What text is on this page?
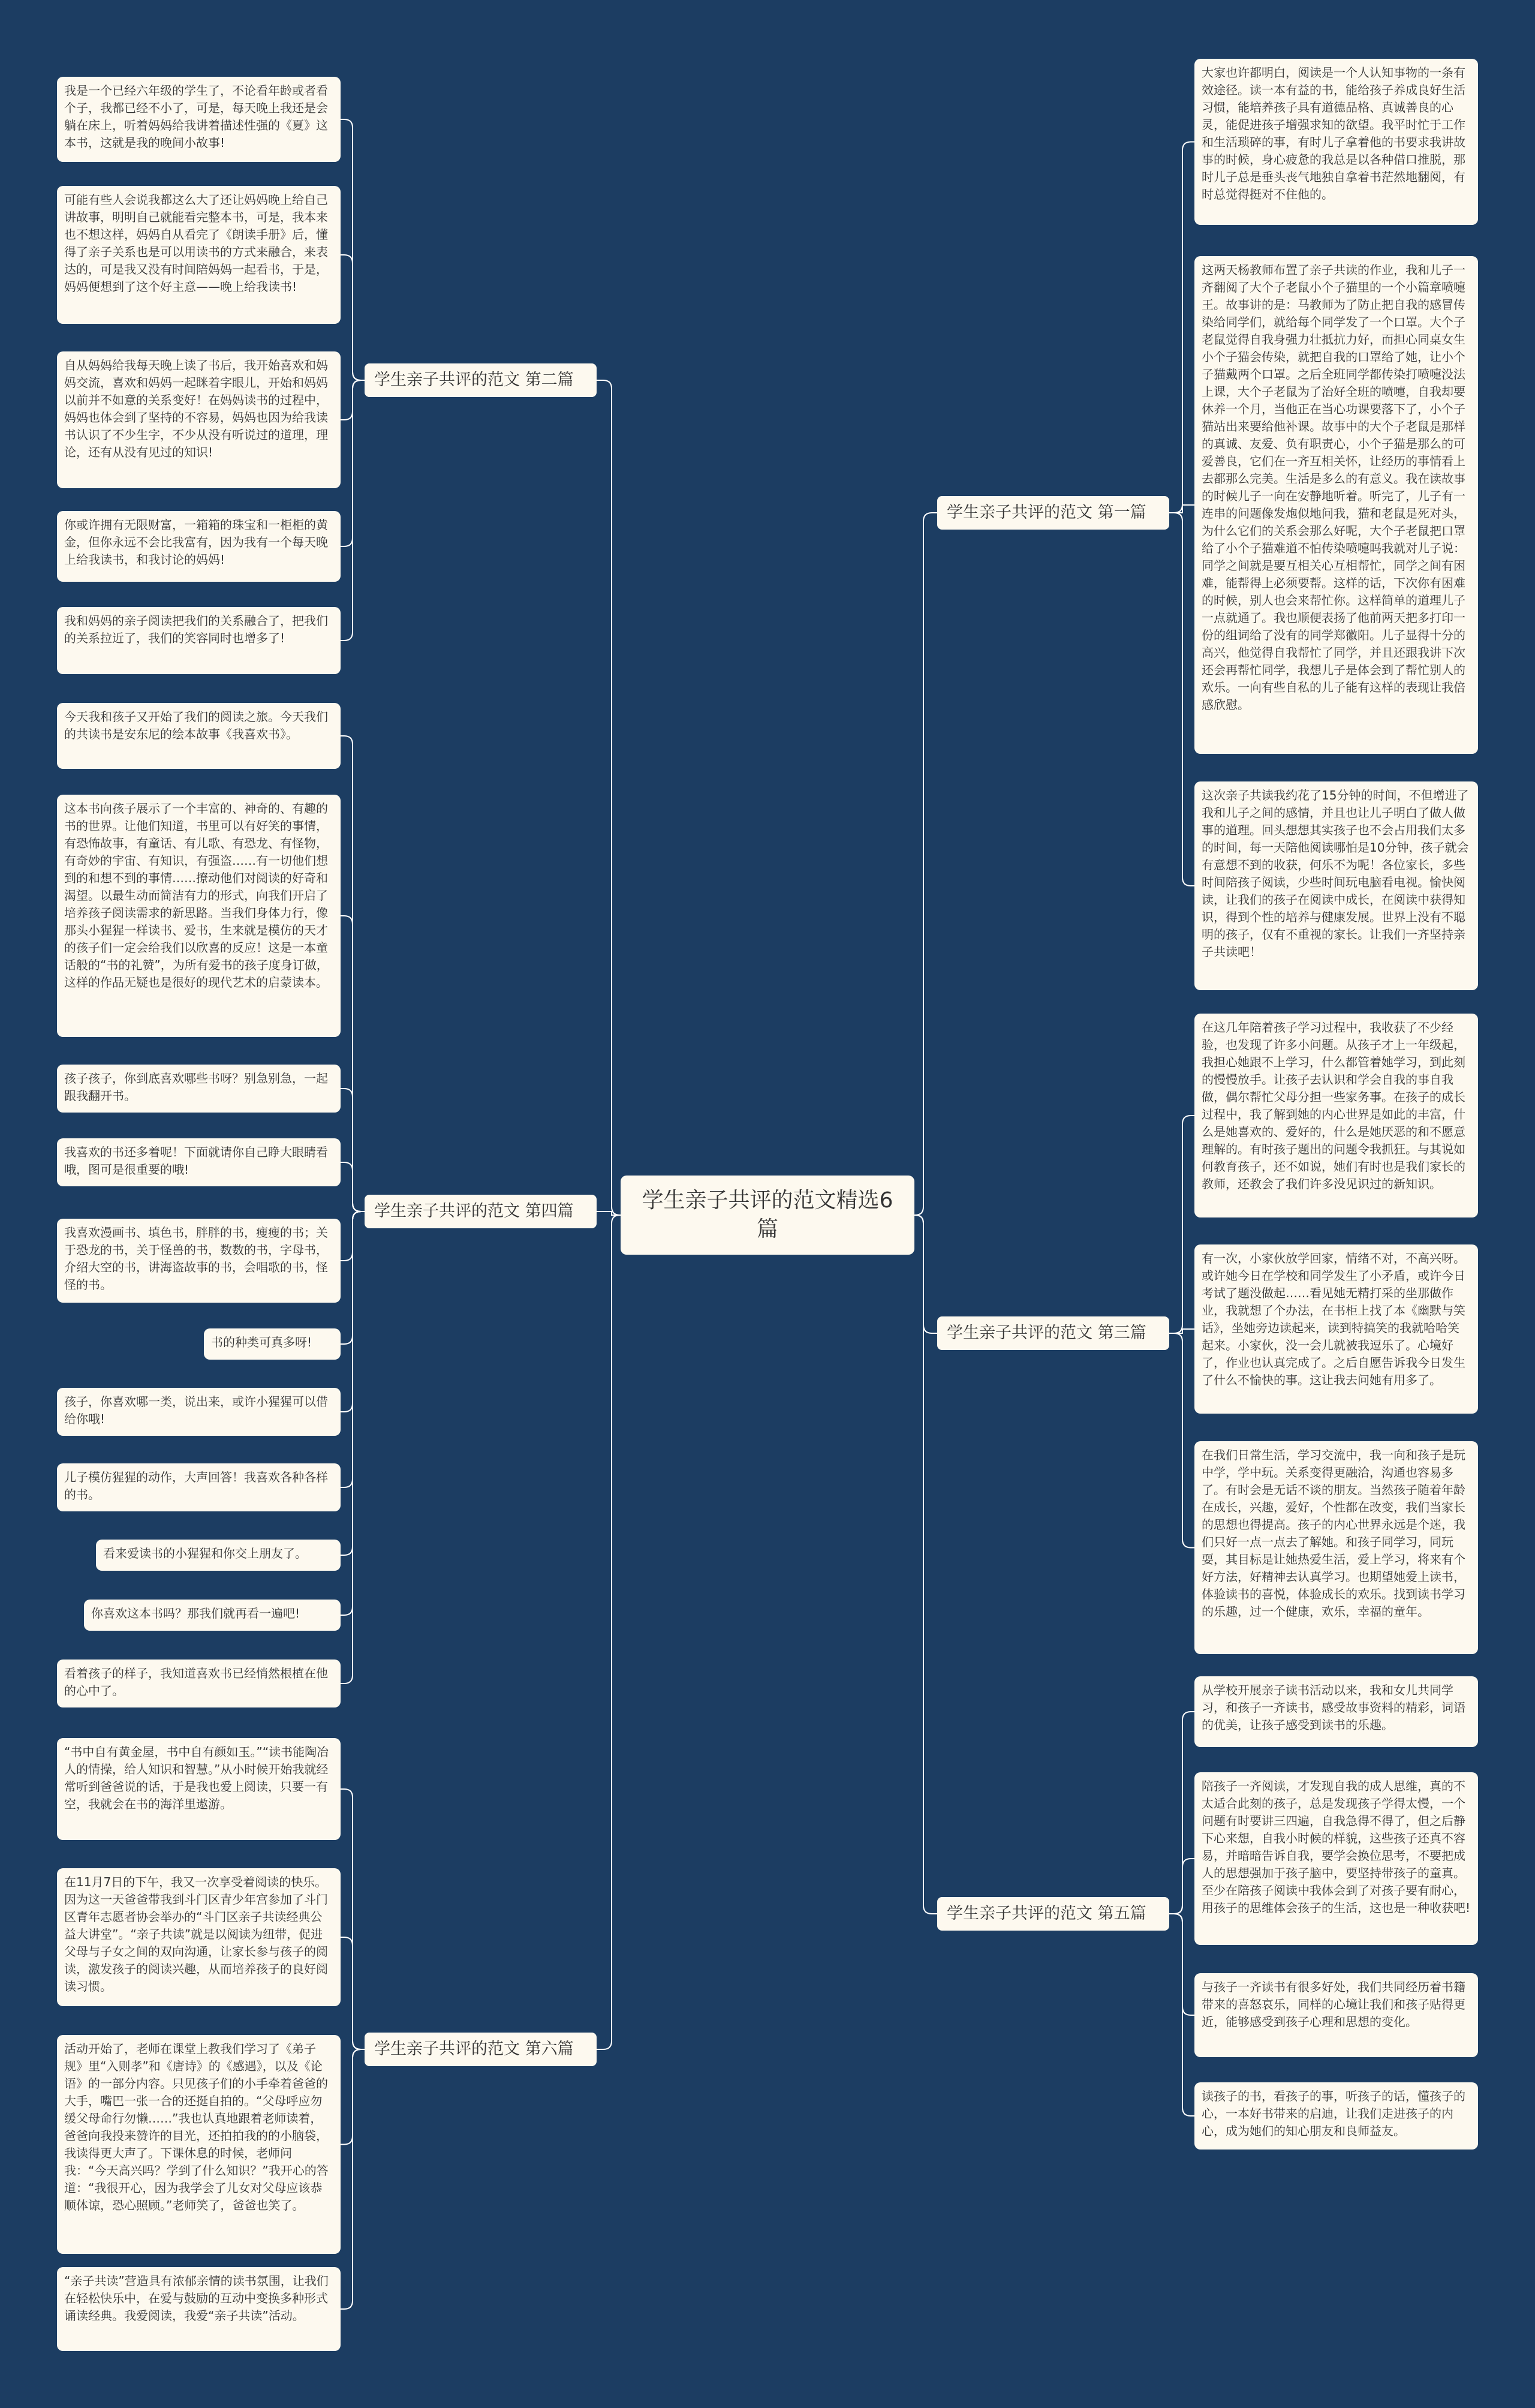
学生亲子共评的范文精选6篇
学生亲子共评的范文 第一篇
大家也许都明白，阅读是一个人认知事物的一条有效途径。读一本有益的书，能给孩子养成良好生活习惯，能培养孩子具有道德品格、真诚善良的心灵，能促进孩子增强求知的欲望。我平时忙于工作和生活琐碎的事，有时儿子拿着他的书要求我讲故事的时候，身心疲惫的我总是以各种借口推脱，那时儿子总是垂头丧气地独自拿着书茫然地翻阅，有时总觉得挺对不住他的。
这两天杨教师布置了亲子共读的作业，我和儿子一齐翻阅了大个子老鼠小个子猫里的一个小篇章喷嚏王。故事讲的是：马教师为了防止把自我的感冒传染给同学们，就给每个同学发了一个口罩。大个子老鼠觉得自我身强力壮抵抗力好，而担心同桌女生小个子猫会传染，就把自我的口罩给了她，让小个子猫戴两个口罩。之后全班同学都传染打喷嚏没法上课，大个子老鼠为了治好全班的喷嚏，自我却要休养一个月，当他正在当心功课要落下了，小个子猫站出来要给他补课。故事中的大个子老鼠是那样的真诚、友爱、负有职责心，小个子猫是那么的可爱善良，它们在一齐互相关怀，让经历的事情看上去都那么完美。生活是多么的有意义。我在读故事的时候儿子一向在安静地听着。听完了，儿子有一连串的问题像发炮似地问我，猫和老鼠是死对头，为什么它们的关系会那么好呢，大个子老鼠把口罩给了小个子猫难道不怕传染喷嚏吗我就对儿子说：同学之间就是要互相关心互相帮忙，同学之间有困难，能帮得上必须要帮。这样的话，下次你有困难的时候，别人也会来帮忙你。这样简单的道理儿子一点就通了。我也顺便表扬了他前两天把多打印一份的组词给了没有的同学郑徽阳。儿子显得十分的高兴，他觉得自我帮忙了同学，并且还跟我讲下次还会再帮忙同学，我想儿子是体会到了帮忙别人的欢乐。一向有些自私的儿子能有这样的表现让我倍感欣慰。
这次亲子共读我约花了15分钟的时间，不但增进了我和儿子之间的感情，并且也让儿子明白了做人做事的道理。回头想想其实孩子也不会占用我们太多的时间，每一天陪他阅读哪怕是10分钟，孩子就会有意想不到的收获，何乐不为呢！各位家长，多些时间陪孩子阅读，少些时间玩电脑看电视。愉快阅读，让我们的孩子在阅读中成长，在阅读中获得知识，得到个性的培养与健康发展。世界上没有不聪明的孩子，仅有不重视的家长。让我们一齐坚持亲子共读吧！
学生亲子共评的范文 第三篇
在这几年陪着孩子学习过程中，我收获了不少经验，也发现了许多小问题。从孩子才上一年级起，我担心她跟不上学习，什么都管着她学习，到此刻的慢慢放手。让孩子去认识和学会自我的事自我做，偶尔帮忙父母分担一些家务事。在孩子的成长过程中，我了解到她的内心世界是如此的丰富，什么是她喜欢的、爱好的，什么是她厌恶的和不愿意理解的。有时孩子题出的问题令我抓狂。与其说如何教育孩子，还不如说，她们有时也是我们家长的教师，还教会了我们许多没见识过的新知识。
有一次，小家伙放学回家，情绪不对，不高兴呀。或许她今日在学校和同学发生了小矛盾，或许今日考试了题没做起……看见她无精打采的坐那做作业，我就想了个办法，在书柜上找了本《幽默与笑话》，坐她旁边读起来，读到特搞笑的我就哈哈笑起来。小家伙，没一会儿就被我逗乐了。心境好了，作业也认真完成了。之后自愿告诉我今日发生了什么不愉快的事。这让我去问她有用多了。
在我们日常生活，学习交流中，我一向和孩子是玩中学，学中玩。关系变得更融洽，沟通也容易多了。有时会是无话不谈的朋友。当然孩子随着年龄在成长，兴趣，爱好，个性都在改变，我们当家长的思想也得提高。孩子的内心世界永远是个迷，我们只好一点一点去了解她。和孩子同学习，同玩耍，其目标是让她热爱生活，爱上学习，将来有个好方法，好精神去认真学习。也期望她爱上读书，体验读书的喜悦，体验成长的欢乐。找到读书学习的乐趣，过一个健康，欢乐，幸福的童年。
学生亲子共评的范文 第五篇
从学校开展亲子读书活动以来，我和女儿共同学习，和孩子一齐读书，感受故事资料的精彩，词语的优美，让孩子感受到读书的乐趣。
陪孩子一齐阅读，才发现自我的成人思维，真的不太适合此刻的孩子，总是发现孩子学得太慢，一个问题有时要讲三四遍，自我急得不得了，但之后静下心来想，自我小时候的样貌，这些孩子还真不容易，并暗暗告诉自我，要学会换位思考，不要把成人的思想强加于孩子脑中，要坚持带孩子的童真。至少在陪孩子阅读中我体会到了对孩子要有耐心，用孩子的思维体会孩子的生活，这也是一种收获吧!
与孩子一齐读书有很多好处，我们共同经历着书籍带来的喜怒哀乐，同样的心境让我们和孩子贴得更近，能够感受到孩子心理和思想的变化。
读孩子的书，看孩子的事，听孩子的话，懂孩子的心，一本好书带来的启迪，让我们走进孩子的内心，成为她们的知心朋友和良师益友。
学生亲子共评的范文 第二篇
我是一个已经六年级的学生了，不论看年龄或者看个子，我都已经不小了，可是，每天晚上我还是会躺在床上，听着妈妈给我讲着描述性强的《夏》这本书，这就是我的晚间小故事!
可能有些人会说我都这么大了还让妈妈晚上给自己讲故事，明明自己就能看完整本书，可是，我本来也不想这样，妈妈自从看完了《朗读手册》后，懂得了亲子关系也是可以用读书的方式来融合，来表达的，可是我又没有时间陪妈妈一起看书，于是，妈妈便想到了这个好主意——晚上给我读书!
自从妈妈给我每天晚上读了书后，我开始喜欢和妈妈交流，喜欢和妈妈一起眯着字眼儿，开始和妈妈以前并不如意的关系变好！在妈妈读书的过程中，妈妈也体会到了坚持的不容易，妈妈也因为给我读书认识了不少生字，不少从没有听说过的道理，理论，还有从没有见过的知识!
你或许拥有无限财富，一箱箱的珠宝和一柜柜的黄金，但你永远不会比我富有，因为我有一个每天晚上给我读书，和我讨论的妈妈!
我和妈妈的亲子阅读把我们的关系融合了，把我们的关系拉近了，我们的笑容同时也增多了!
学生亲子共评的范文 第四篇
今天我和孩子又开始了我们的阅读之旅。今天我们的共读书是安东尼的绘本故事《我喜欢书》。
这本书向孩子展示了一个丰富的、神奇的、有趣的书的世界。让他们知道，书里可以有好笑的事情，有恐怖故事，有童话、有儿歌、有恐龙、有怪物，有奇妙的宇宙、有知识，有强盗……有一切他们想到的和想不到的事情……撩动他们对阅读的好奇和渴望。以最生动而简洁有力的形式，向我们开启了培养孩子阅读需求的新思路。当我们身体力行，像那头小猩猩一样读书、爱书，生来就是模仿的天才的孩子们一定会给我们以欣喜的反应！这是一本童话般的“书的礼赞”，为所有爱书的孩子度身订做，这样的作品无疑也是很好的现代艺术的启蒙读本。
孩子孩子，你到底喜欢哪些书呀？别急别急，一起跟我翻开书。
我喜欢的书还多着呢！下面就请你自己睁大眼睛看哦，图可是很重要的哦!
我喜欢漫画书、填色书，胖胖的书，瘦瘦的书；关于恐龙的书，关于怪兽的书，数数的书，字母书，介绍大空的书，讲海盗故事的书，会唱歌的书，怪怪的书。
书的种类可真多呀!
孩子，你喜欢哪一类，说出来，或许小猩猩可以借给你哦!
儿子模仿猩猩的动作，大声回答！我喜欢各种各样的书。
看来爱读书的小猩猩和你交上朋友了。
你喜欢这本书吗？那我们就再看一遍吧!
看着孩子的样子，我知道喜欢书已经悄然根植在他的心中了。
学生亲子共评的范文 第六篇
“书中自有黄金屋，书中自有颜如玉。”“读书能陶冶人的情操，给人知识和智慧。”从小时候开始我就经常听到爸爸说的话，于是我也爱上阅读，只要一有空，我就会在书的海洋里遨游。
在11月7日的下午，我又一次享受着阅读的快乐。因为这一天爸爸带我到斗门区青少年宫参加了斗门区青年志愿者协会举办的“斗门区亲子共读经典公益大讲堂”。“亲子共读”就是以阅读为纽带，促进父母与子女之间的双向沟通，让家长参与孩子的阅读，激发孩子的阅读兴趣，从而培养孩子的良好阅读习惯。
活动开始了，老师在课堂上教我们学习了《弟子规》里“入则孝”和《唐诗》的《感遇》，以及《论语》的一部分内容。只见孩子们的小手牵着爸爸的大手，嘴巴一张一合的还挺自拍的。“父母呼应勿缓父母命行勿懒……”我也认真地跟着老师读着，爸爸向我投来赞许的目光，还拍拍我的的小脑袋，我读得更大声了。下课休息的时候，老师问我：“今天高兴吗？学到了什么知识？”我开心的答道：“我很开心，因为我学会了儿女对父母应该恭顺体谅，恐心照顾。”老师笑了，爸爸也笑了。
“亲子共读”营造具有浓郁亲情的读书氛围，让我们在轻松快乐中，在爱与鼓励的互动中变换多种形式诵读经典。我爱阅读，我爱“亲子共读”活动。
